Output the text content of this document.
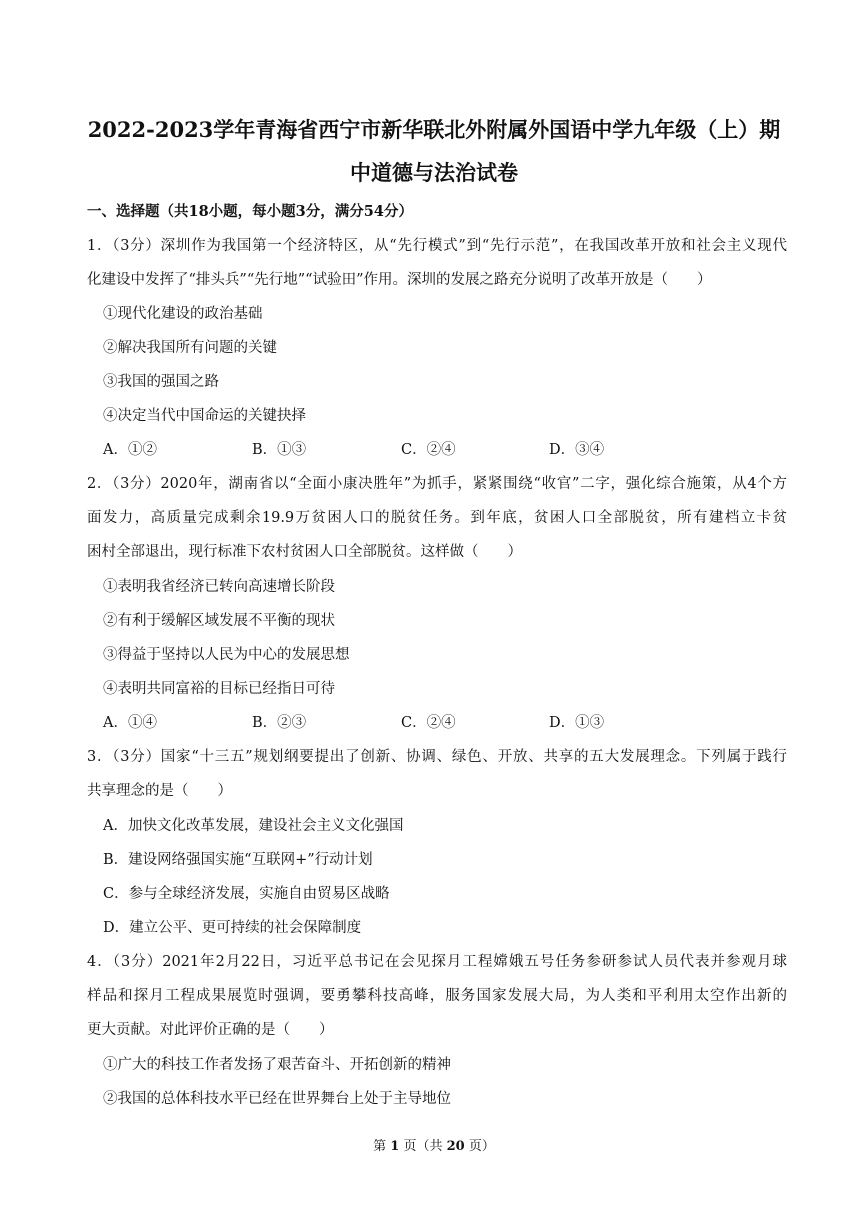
2022-2023学年青海省西宁市新华联北外附属外国语中学九年级（上）期
中道德与法治试卷
一、选择题（共18小题，每小题3分，满分54分）
1．（3分）深圳作为我国第一个经济特区，从“先行模式”到“先行示范”，在我国改革开放和社会主义现代
化建设中发挥了“排头兵”“先行地”“试验田”作用。深圳的发展之路充分说明了改革开放是（　　）
①现代化建设的政治基础
②解决我国所有问题的关键
③我国的强国之路
④决定当代中国命运的关键抉择
A．①②	B．①③	C．②④	D．③④
2．（3分）2020年，湖南省以“全面小康决胜年”为抓手，紧紧围绕“收官”二字，强化综合施策，从4个方
面发力，高质量完成剩余19.9万贫困人口的脱贫任务。到年底，贫困人口全部脱贫，所有建档立卡贫
困村全部退出，现行标准下农村贫困人口全部脱贫。这样做（　　）
①表明我省经济已转向高速增长阶段
②有利于缓解区域发展不平衡的现状
③得益于坚持以人民为中心的发展思想
④表明共同富裕的目标已经指日可待
A．①④	B．②③	C．②④	D．①③
3．（3分）国家“十三五”规划纲要提出了创新、协调、绿色、开放、共享的五大发展理念。下列属于践行
共享理念的是（　　）
A．加快文化改革发展，建设社会主义文化强国
B．建设网络强国实施“互联网+”行动计划
C．参与全球经济发展，实施自由贸易区战略
D．建立公平、更可持续的社会保障制度
4．（3分）2021年2月22日，习近平总书记在会见探月工程嫦娥五号任务参研参试人员代表并参观月球
样品和探月工程成果展览时强调，要勇攀科技高峰，服务国家发展大局，为人类和平利用太空作出新的
更大贡献。对此评价正确的是（　　）
①广大的科技工作者发扬了艰苦奋斗、开拓创新的精神
②我国的总体科技水平已经在世界舞台上处于主导地位
第 1 页（共 20 页）
